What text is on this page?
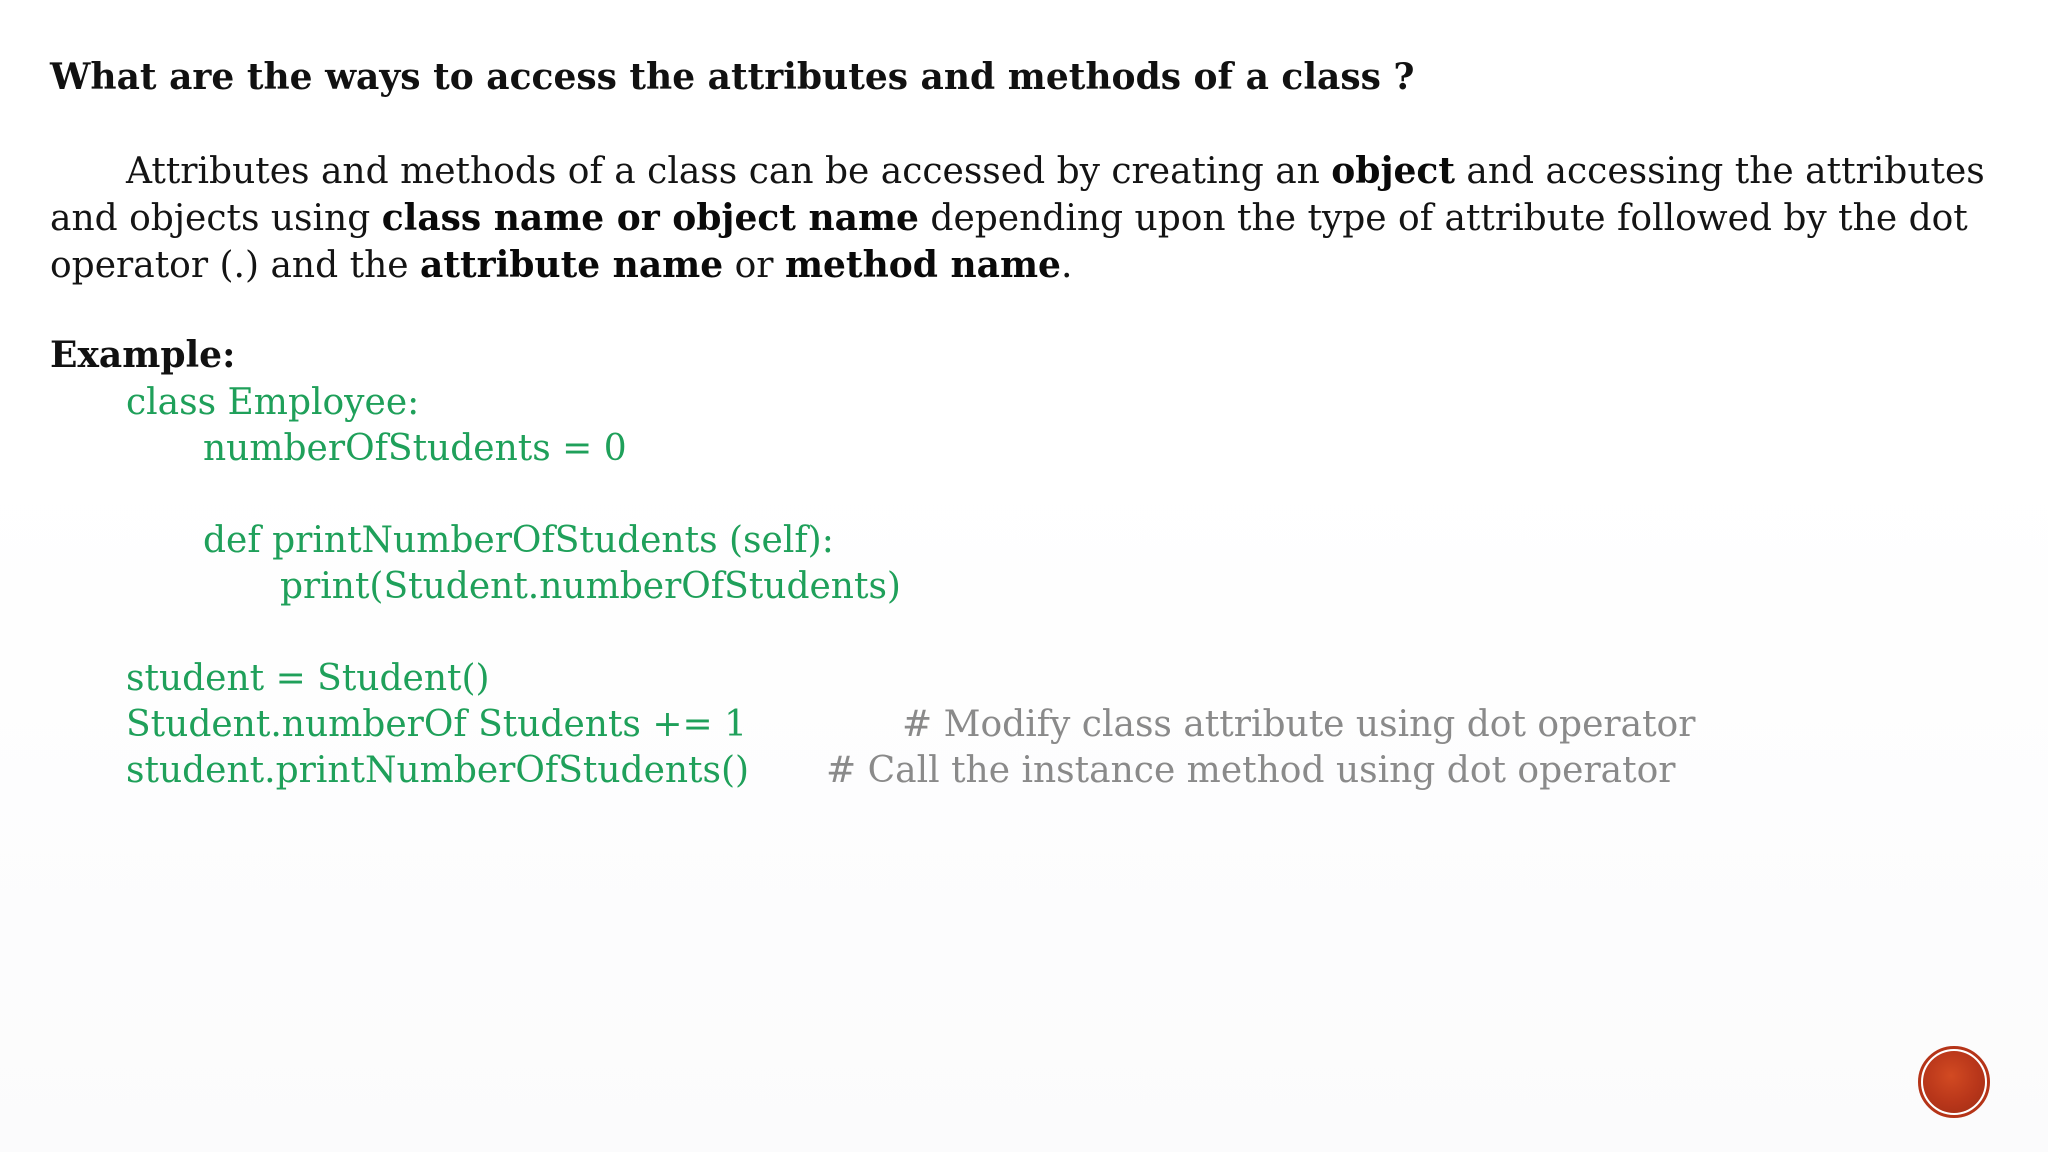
What are the ways to access the attributes and methods of a class ?
Attributes and methods of a class can be accessed by creating an object and accessing the attributes
and objects using class name or object name depending upon the type of attribute followed by the dot
operator (.) and the attribute name or method name.
Example:
class Employee:
numberOfStudents = 0
def printNumberOfStudents (self):
print(Student.numberOfStudents)
student = Student()
Student.numberOf Students += 1	# Modify class attribute using dot operator
student.printNumberOfStudents() # Call the instance method using dot operator
